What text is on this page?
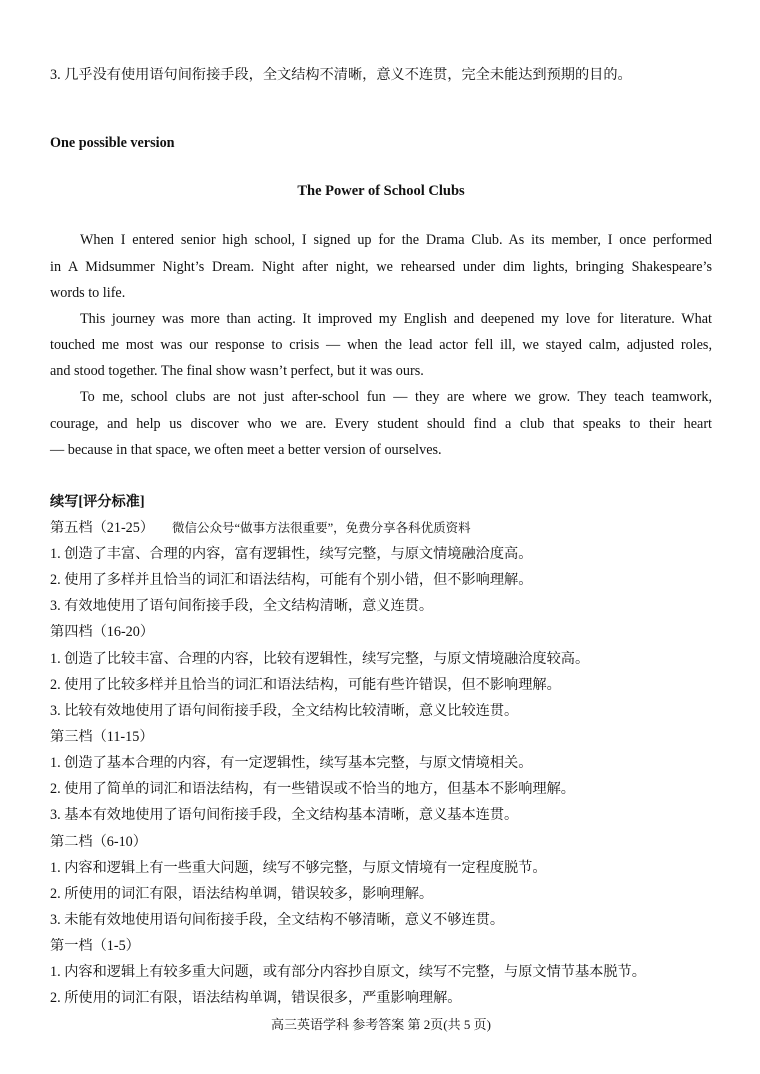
3. 几乎没有使用语句间衔接手段，全文结构不清晰，意义不连贯，完全未能达到预期的目的。
One possible version
The Power of School Clubs
When I entered senior high school, I signed up for the Drama Club. As its member, I once performed
in A Midsummer Night’s Dream. Night after night, we rehearsed under dim lights, bringing Shakespeare’s
words to life.
This journey was more than acting. It improved my English and deepened my love for literature. What
touched me most was our response to crisis — when the lead actor fell ill, we stayed calm, adjusted roles,
and stood together. The final show wasn’t perfect, but it was ours.
To me, school clubs are not just after-school fun — they are where we grow. They teach teamwork,
courage, and help us discover who we are. Every student should find a club that speaks to their heart
— because in that space, we often meet a better version of ourselves.
续写[评分标准]
第五档（21-25） 微信公众号“做事方法很重要”，免费分享各科优质资料
1. 创造了丰富、合理的内容，富有逻辑性，续写完整，与原文情境融洽度高。
2. 使用了多样并且恰当的词汇和语法结构，可能有个别小错，但不影响理解。
3. 有效地使用了语句间衔接手段，全文结构清晰，意义连贯。
第四档（16-20）
1. 创造了比较丰富、合理的内容，比较有逻辑性，续写完整，与原文情境融洽度较高。
2. 使用了比较多样并且恰当的词汇和语法结构，可能有些许错误，但不影响理解。
3. 比较有效地使用了语句间衔接手段，全文结构比较清晰，意义比较连贯。
第三档（11-15）
1. 创造了基本合理的内容，有一定逻辑性，续写基本完整，与原文情境相关。
2. 使用了简单的词汇和语法结构，有一些错误或不恰当的地方，但基本不影响理解。
3. 基本有效地使用了语句间衔接手段，全文结构基本清晰，意义基本连贯。
第二档（6-10）
1. 内容和逻辑上有一些重大问题，续写不够完整，与原文情境有一定程度脱节。
2. 所使用的词汇有限，语法结构单调，错误较多，影响理解。
3. 未能有效地使用语句间衔接手段，全文结构不够清晰，意义不够连贯。
第一档（1-5）
1. 内容和逻辑上有较多重大问题，或有部分内容抄自原文，续写不完整，与原文情节基本脱节。
2. 所使用的词汇有限，语法结构单调，错误很多，严重影响理解。
高三英语学科 参考答案 第 2页(共 5 页)
